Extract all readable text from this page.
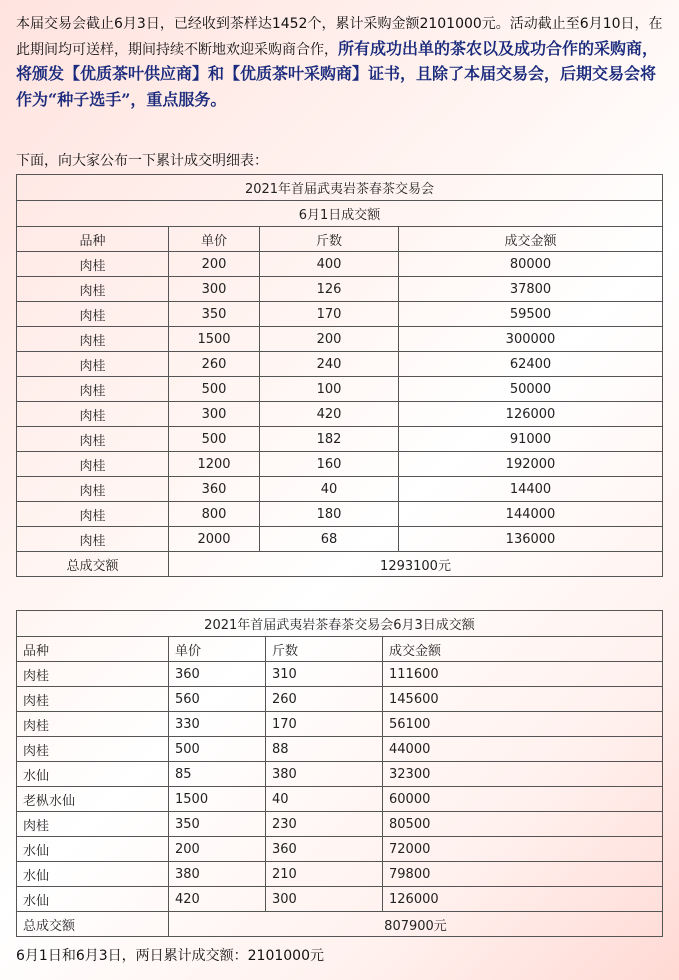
本届交易会截止6月3日，已经收到茶样达1452个，累计采购金额2101000元。活动截止至6月10日，在此期间均可送样，期间持续不断地欢迎采购商合作，所有成功出单的茶农以及成功合作的采购商，将颁发【优质茶叶供应商】和【优质茶叶采购商】证书，且除了本届交易会，后期交易会将作为“种子选手”，重点服务。
下面，向大家公布一下累计成交明细表：
2021年首届武夷岩茶春茶交易会			
6月1日成交额			
品种	单价	斤数	成交金额
肉桂	200	400	80000
肉桂	300	126	37800
肉桂	350	170	59500
肉桂	1500	200	300000
肉桂	260	240	62400
肉桂	500	100	50000
肉桂	300	420	126000
肉桂	500	182	91000
肉桂	1200	160	192000
肉桂	360	40	14400
肉桂	800	180	144000
肉桂	2000	68	136000
总成交额	1293100元		
2021年首届武夷岩茶春茶交易会6月3日成交额			
品种	单价	斤数	成交金额
肉桂	360	310	111600
肉桂	560	260	145600
肉桂	330	170	56100
肉桂	500	88	44000
水仙	85	380	32300
老枞水仙	1500	40	60000
肉桂	350	230	80500
水仙	200	360	72000
水仙	380	210	79800
水仙	420	300	126000
总成交额	807900元		
6月1日和6月3日，两日累计成交额：2101000元
